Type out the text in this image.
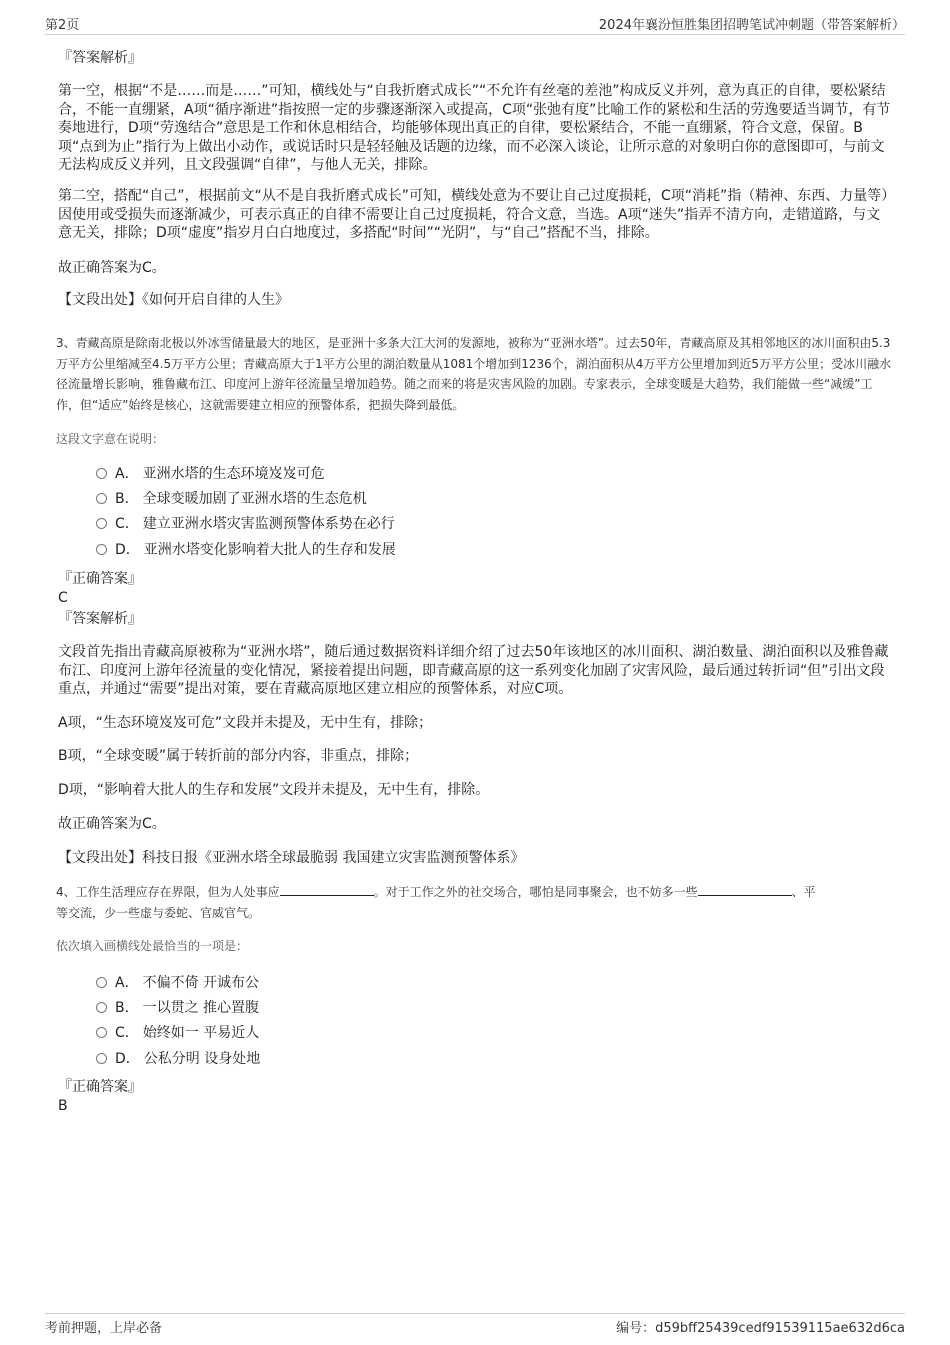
第2页	2024年襄汾恒胜集团招聘笔试冲刺题（带答案解析）
『答案解析』
第一空，根据“不是……而是……”可知，横线处与“自我折磨式成长”“不允许有丝毫的差池”构成反义并列，意为真正的自律，要松紧结合，不能一直绷紧，A项“循序渐进”指按照一定的步骤逐渐深入或提高，C项“张弛有度”比喻工作的紧松和生活的劳逸要适当调节，有节奏地进行，D项“劳逸结合”意思是工作和休息相结合，均能够体现出真正的自律，要松紧结合，不能一直绷紧，符合文意，保留。B项“点到为止”指行为上做出小动作，或说话时只是轻轻触及话题的边缘，而不必深入谈论，让所示意的对象明白你的意图即可，与前文无法构成反义并列，且文段强调“自律”，与他人无关，排除。
第二空，搭配“自己”，根据前文“从不是自我折磨式成长”可知，横线处意为不要让自己过度损耗，C项“消耗”指（精神、东西、力量等）因使用或受损失而逐渐减少，可表示真正的自律不需要让自己过度损耗，符合文意，当选。A项“迷失”指弄不清方向，走错道路，与文意无关，排除；D项“虚度”指岁月白白地度过，多搭配“时间”“光阴”，与“自己”搭配不当，排除。
故正确答案为C。
【文段出处】《如何开启自律的人生》
3、青藏高原是除南北极以外冰雪储量最大的地区，是亚洲十多条大江大河的发源地，被称为“亚洲水塔”。过去50年，青藏高原及其相邻地区的冰川面积由5.3万平方公里缩减至4.5万平方公里；青藏高原大于1平方公里的湖泊数量从1081个增加到1236个，湖泊面积从4万平方公里增加到近5万平方公里；受冰川融水径流量增长影响，雅鲁藏布江、印度河上游年径流量呈增加趋势。随之而来的将是灾害风险的加剧。专家表示，全球变暖是大趋势，我们能做一些“减缓”工作，但“适应”始终是核心，这就需要建立相应的预警体系，把损失降到最低。
这段文字意在说明：
A． 亚洲水塔的生态环境岌岌可危
B． 全球变暖加剧了亚洲水塔的生态危机
C． 建立亚洲水塔灾害监测预警体系势在必行
D． 亚洲水塔变化影响着大批人的生存和发展
『正确答案』
C
『答案解析』
文段首先指出青藏高原被称为“亚洲水塔”，随后通过数据资料详细介绍了过去50年该地区的冰川面积、湖泊数量、湖泊面积以及雅鲁藏布江、印度河上游年径流量的变化情况，紧接着提出问题，即青藏高原的这一系列变化加剧了灾害风险，最后通过转折词“但”引出文段重点，并通过“需要”提出对策，要在青藏高原地区建立相应的预警体系，对应C项。
A项，“生态环境岌岌可危”文段并未提及，无中生有，排除；
B项，“全球变暖”属于转折前的部分内容，非重点，排除；
D项，“影响着大批人的生存和发展”文段并未提及，无中生有，排除。
故正确答案为C。
【文段出处】科技日报《亚洲水塔全球最脆弱 我国建立灾害监测预警体系》
4、工作生活理应存在界限，但为人处事应	。对于工作之外的社交场合，哪怕是同事聚会，也不妨多一些	、平
等交流，少一些虚与委蛇、官威官气。
依次填入画横线处最恰当的一项是：
A． 不偏不倚 开诚布公
B． 一以贯之 推心置腹
C． 始终如一 平易近人
D． 公私分明 设身处地
『正确答案』
B
考前押题，上岸必备	编号：d59bff25439cedf91539115ae632d6ca
